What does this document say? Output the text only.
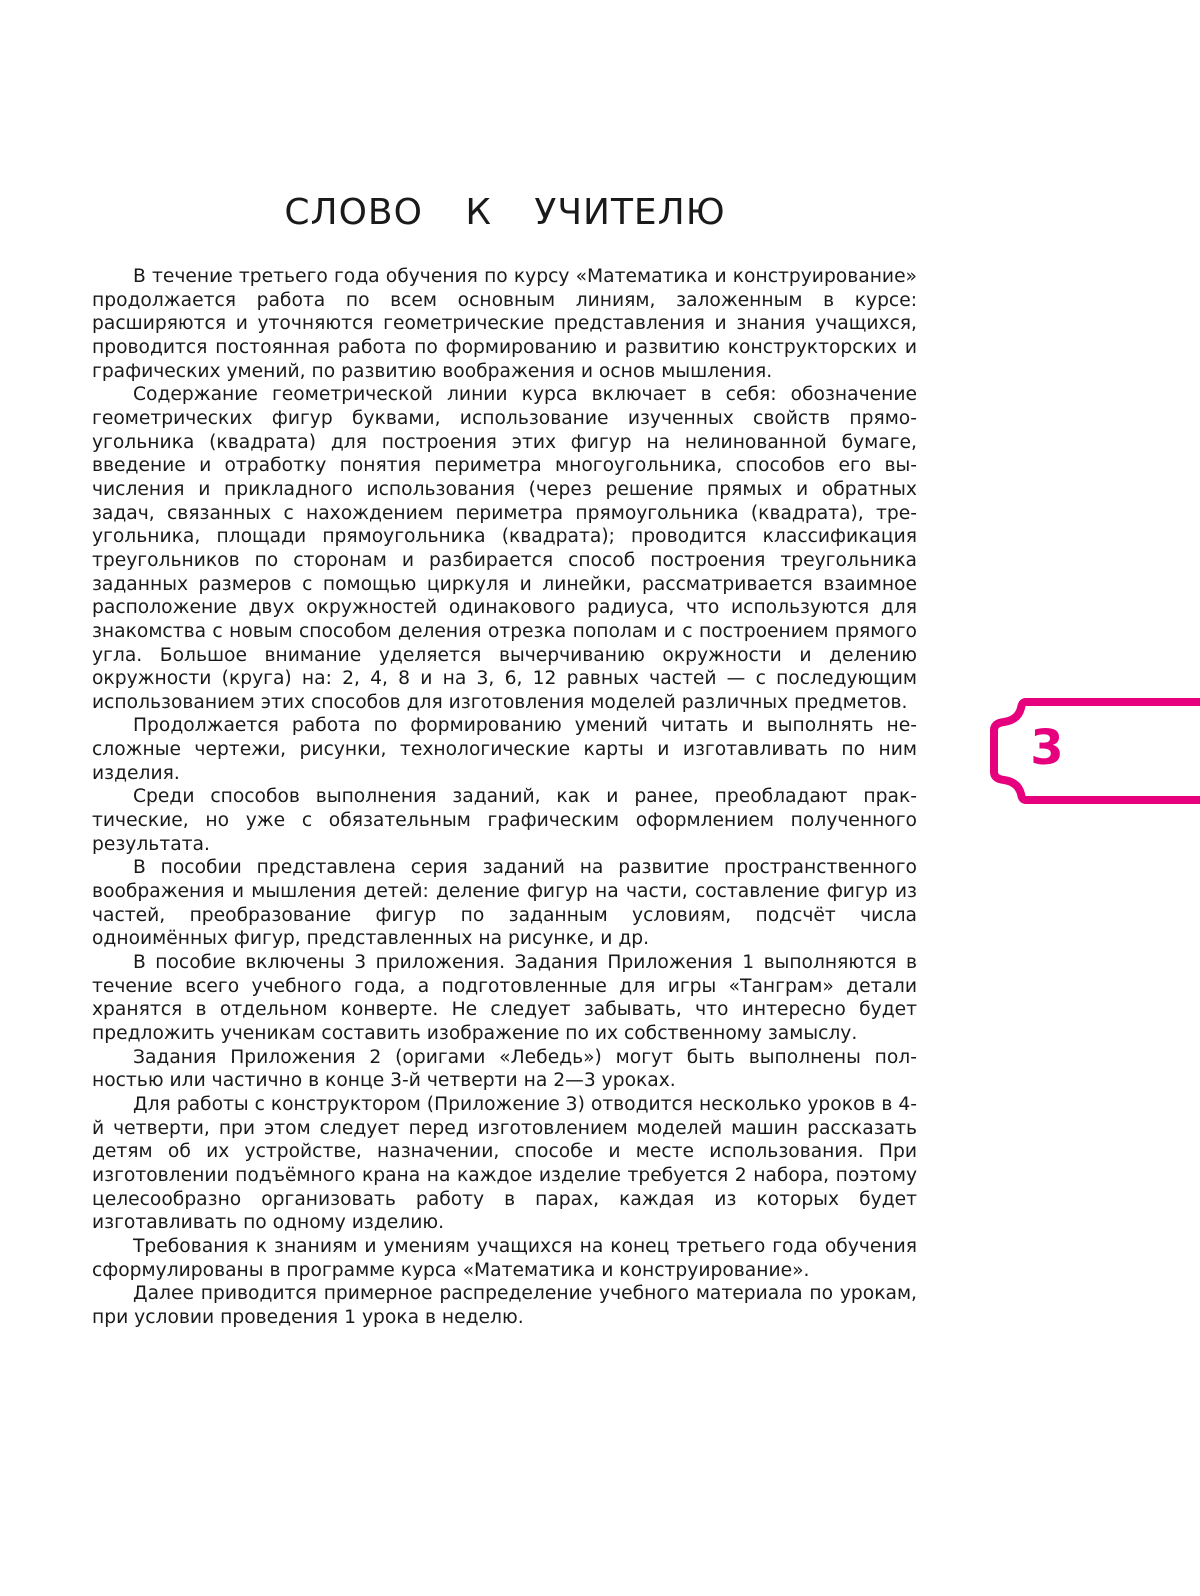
СЛОВО К УЧИТЕЛЮ

В течение третьего года обучения по курсу «Математика и конструирование» продолжается работа по всем основным линиям, заложенным в курсе: расширяются и уточняются геометрические представления и знания учащихся, проводится постоянная работа по формированию и развитию конструкторских и графических умений, по развитию воображения и основ мышления.

Содержание геометрической линии курса включает в себя: обозначение геометрических фигур буквами, использование изученных свойств прямоугольника (квадрата) для построения этих фигур на нелинованной бумаге, введение и отработку понятия периметра многоугольника, способов его вычисления и прикладного использования (через решение прямых и обратных задач, связанных с нахождением периметра прямоугольника (квадрата), треугольника, площади прямоугольника (квадрата); проводится классификация треугольников по сторонам и разбирается способ построения треугольника заданных размеров с помощью циркуля и линейки, рассматривается взаимное расположение двух окружностей одинакового радиуса, что используются для знакомства с новым способом деления отрезка пополам и с построением прямого угла. Большое внимание уделяется вычерчиванию окружности и делению окружности (круга) на: 2, 4, 8 и на 3, 6, 12 равных частей — с последующим использованием этих способов для изготовления моделей различных предметов.

Продолжается работа по формированию умений читать и выполнять несложные чертежи, рисунки, технологические карты и изготавливать по ним изделия.

Среди способов выполнения заданий, как и ранее, преобладают практические, но уже с обязательным графическим оформлением полученного результата.

В пособии представлена серия заданий на развитие пространственного воображения и мышления детей: деление фигур на части, составление фигур из частей, преобразование фигур по заданным условиям, подсчёт числа одноимённых фигур, представленных на рисунке, и др.

В пособие включены 3 приложения. Задания Приложения 1 выполняются в течение всего учебного года, а подготовленные для игры «Танграм» детали хранятся в отдельном конверте. Не следует забывать, что интересно будет предложить ученикам составить изображение по их собственному замыслу.

Задания Приложения 2 (оригами «Лебедь») могут быть выполнены полностью или частично в конце 3-й четверти на 2—3 уроках.

Для работы с конструктором (Приложение 3) отводится несколько уроков в 4-й четверти, при этом следует перед изготовлением моделей машин рассказать детям об их устройстве, назначении, способе и месте использования. При изготовлении подъёмного крана на каждое изделие требуется 2 набора, поэтому целесообразно организовать работу в парах, каждая из которых будет изготавливать по одному изделию.

Требования к знаниям и умениям учащихся на конец третьего года обучения сформулированы в программе курса «Математика и конструирование».

Далее приводится примерное распределение учебного материала по урокам, при условии проведения 1 урока в неделю.

3
